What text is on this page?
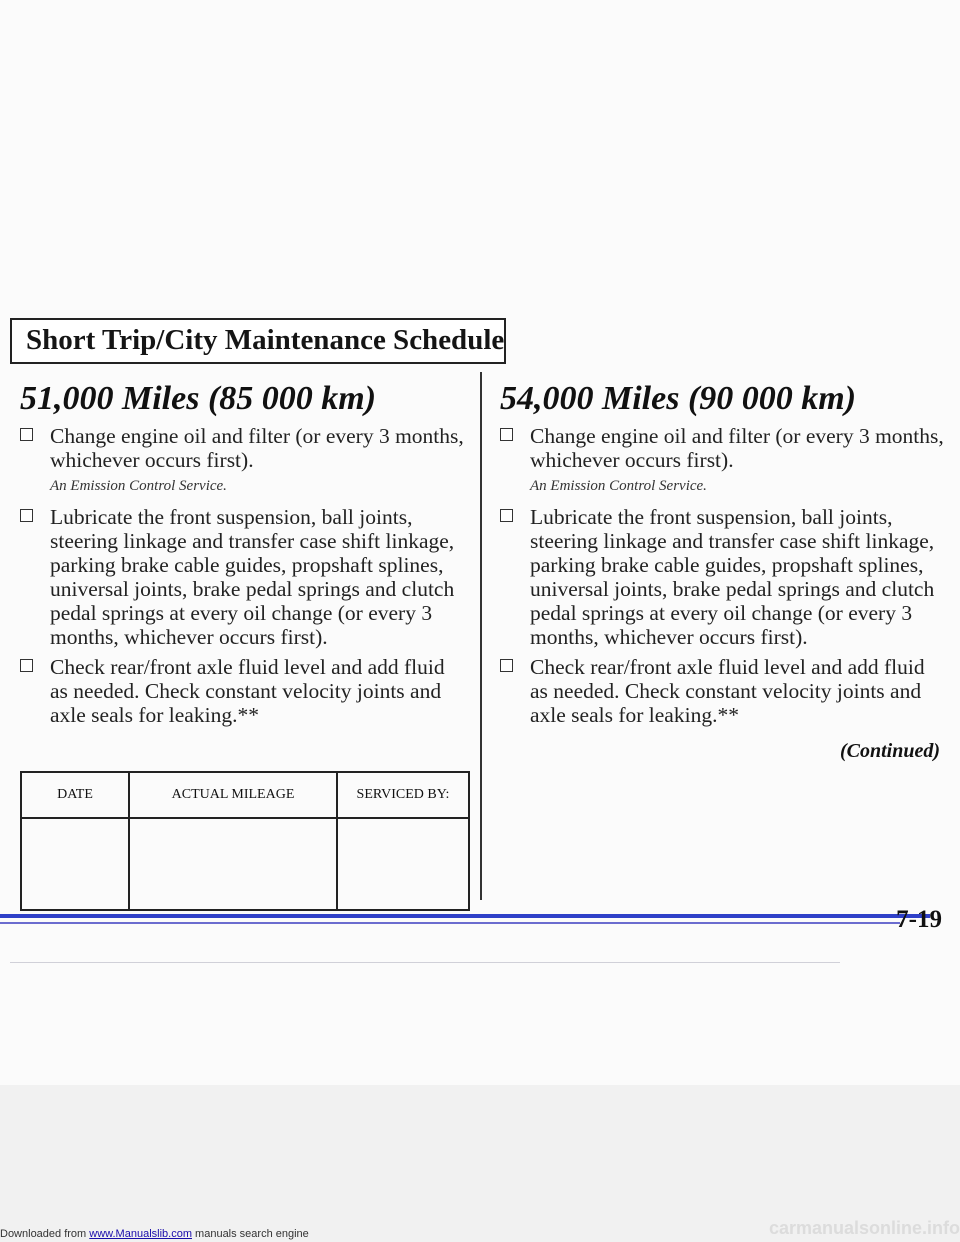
Short Trip/City Maintenance Schedule
51,000 Miles (85 000 km)
Change engine oil and filter (or every 3 months, whichever occurs first).
An Emission Control Service.
Lubricate the front suspension, ball joints, steering linkage and transfer case shift linkage, parking brake cable guides, propshaft splines, universal joints, brake pedal springs and clutch pedal springs at every oil change (or every 3 months, whichever occurs first).
Check rear/front axle fluid level and add fluid as needed. Check constant velocity joints and axle seals for leaking.**
DATE	ACTUAL MILEAGE	SERVICED BY:

54,000 Miles (90 000 km)
Change engine oil and filter (or every 3 months, whichever occurs first).
An Emission Control Service.
Lubricate the front suspension, ball joints, steering linkage and transfer case shift linkage, parking brake cable guides, propshaft splines, universal joints, brake pedal springs and clutch pedal springs at every oil change (or every 3 months, whichever occurs first).
Check rear/front axle fluid level and add fluid as needed. Check constant velocity joints and axle seals for leaking.**
(Continued)
7-19
Downloaded from www.Manualslib.com manuals search engine	carmanualsonline.info
